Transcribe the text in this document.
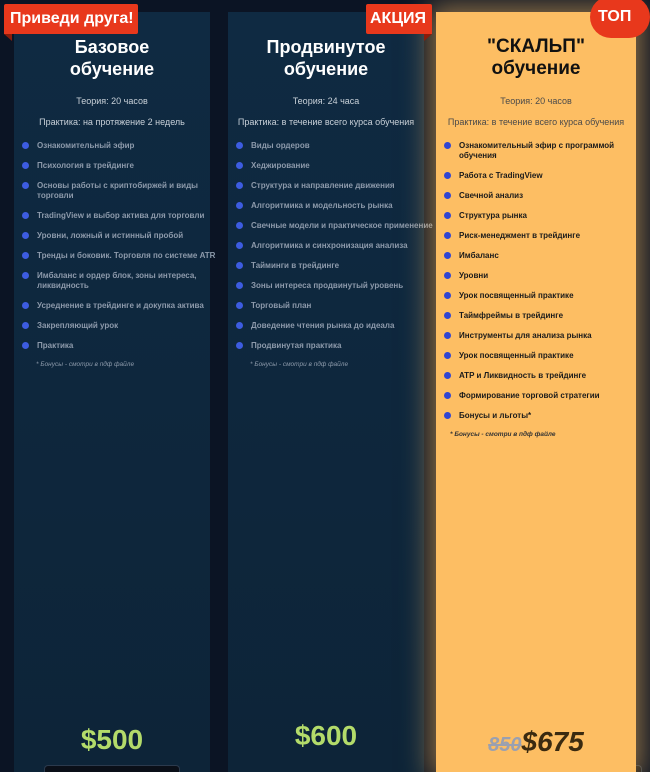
Приведи друга!	АКЦИЯ	ТОП
Базовое
обучение
Теория: 20 часов
Практика: на протяжение 2 недель
Ознакомительный эфир
Психология в трейдинге
Основы работы с криптобиржей и виды торговли
TradingView и выбор актива для торговли
Уровни, ложный и истинный пробой
Тренды и боковик. Торговля по системе ATR
Имбаланс и ордер блок, зоны интереса, ликвидность
Усреднение в трейдинге и докупка актива
Закрепляющий урок
Практика
* Бонусы - смотри в пдф файле
$500
Продвинутое
обучение
Теория: 24 часа
Практика: в течение всего курса обучения
Виды ордеров
Хеджирование
Структура и направление движения
Алгоритмика и модельность рынка
Свечные модели и практическое применение
Алгоритмика и синхронизация анализа
Тайминги в трейдинге
Зоны интереса продвинутый уровень
Торговый план
Доведение чтения рынка до идеала
Продвинутая практика
* Бонусы - смотри в пдф файле
$600
"СКАЛЬП"
обучение
Теория: 20 часов
Практика: в течение всего курса обучения
Ознакомительный эфир с программой обучения
Работа с TradingView
Свечной анализ
Структура рынка
Риск-менеджмент в трейдинге
Имбаланс
Уровни
Урок посвященный практике
Таймфреймы в трейдинге
Инструменты для анализа рынка
Урок посвященный практике
ATP и Ликвидность в трейдинге
Формирование торговой стратегии
Бонусы и льготы*
* Бонусы - смотри в пдф файле
850$675
